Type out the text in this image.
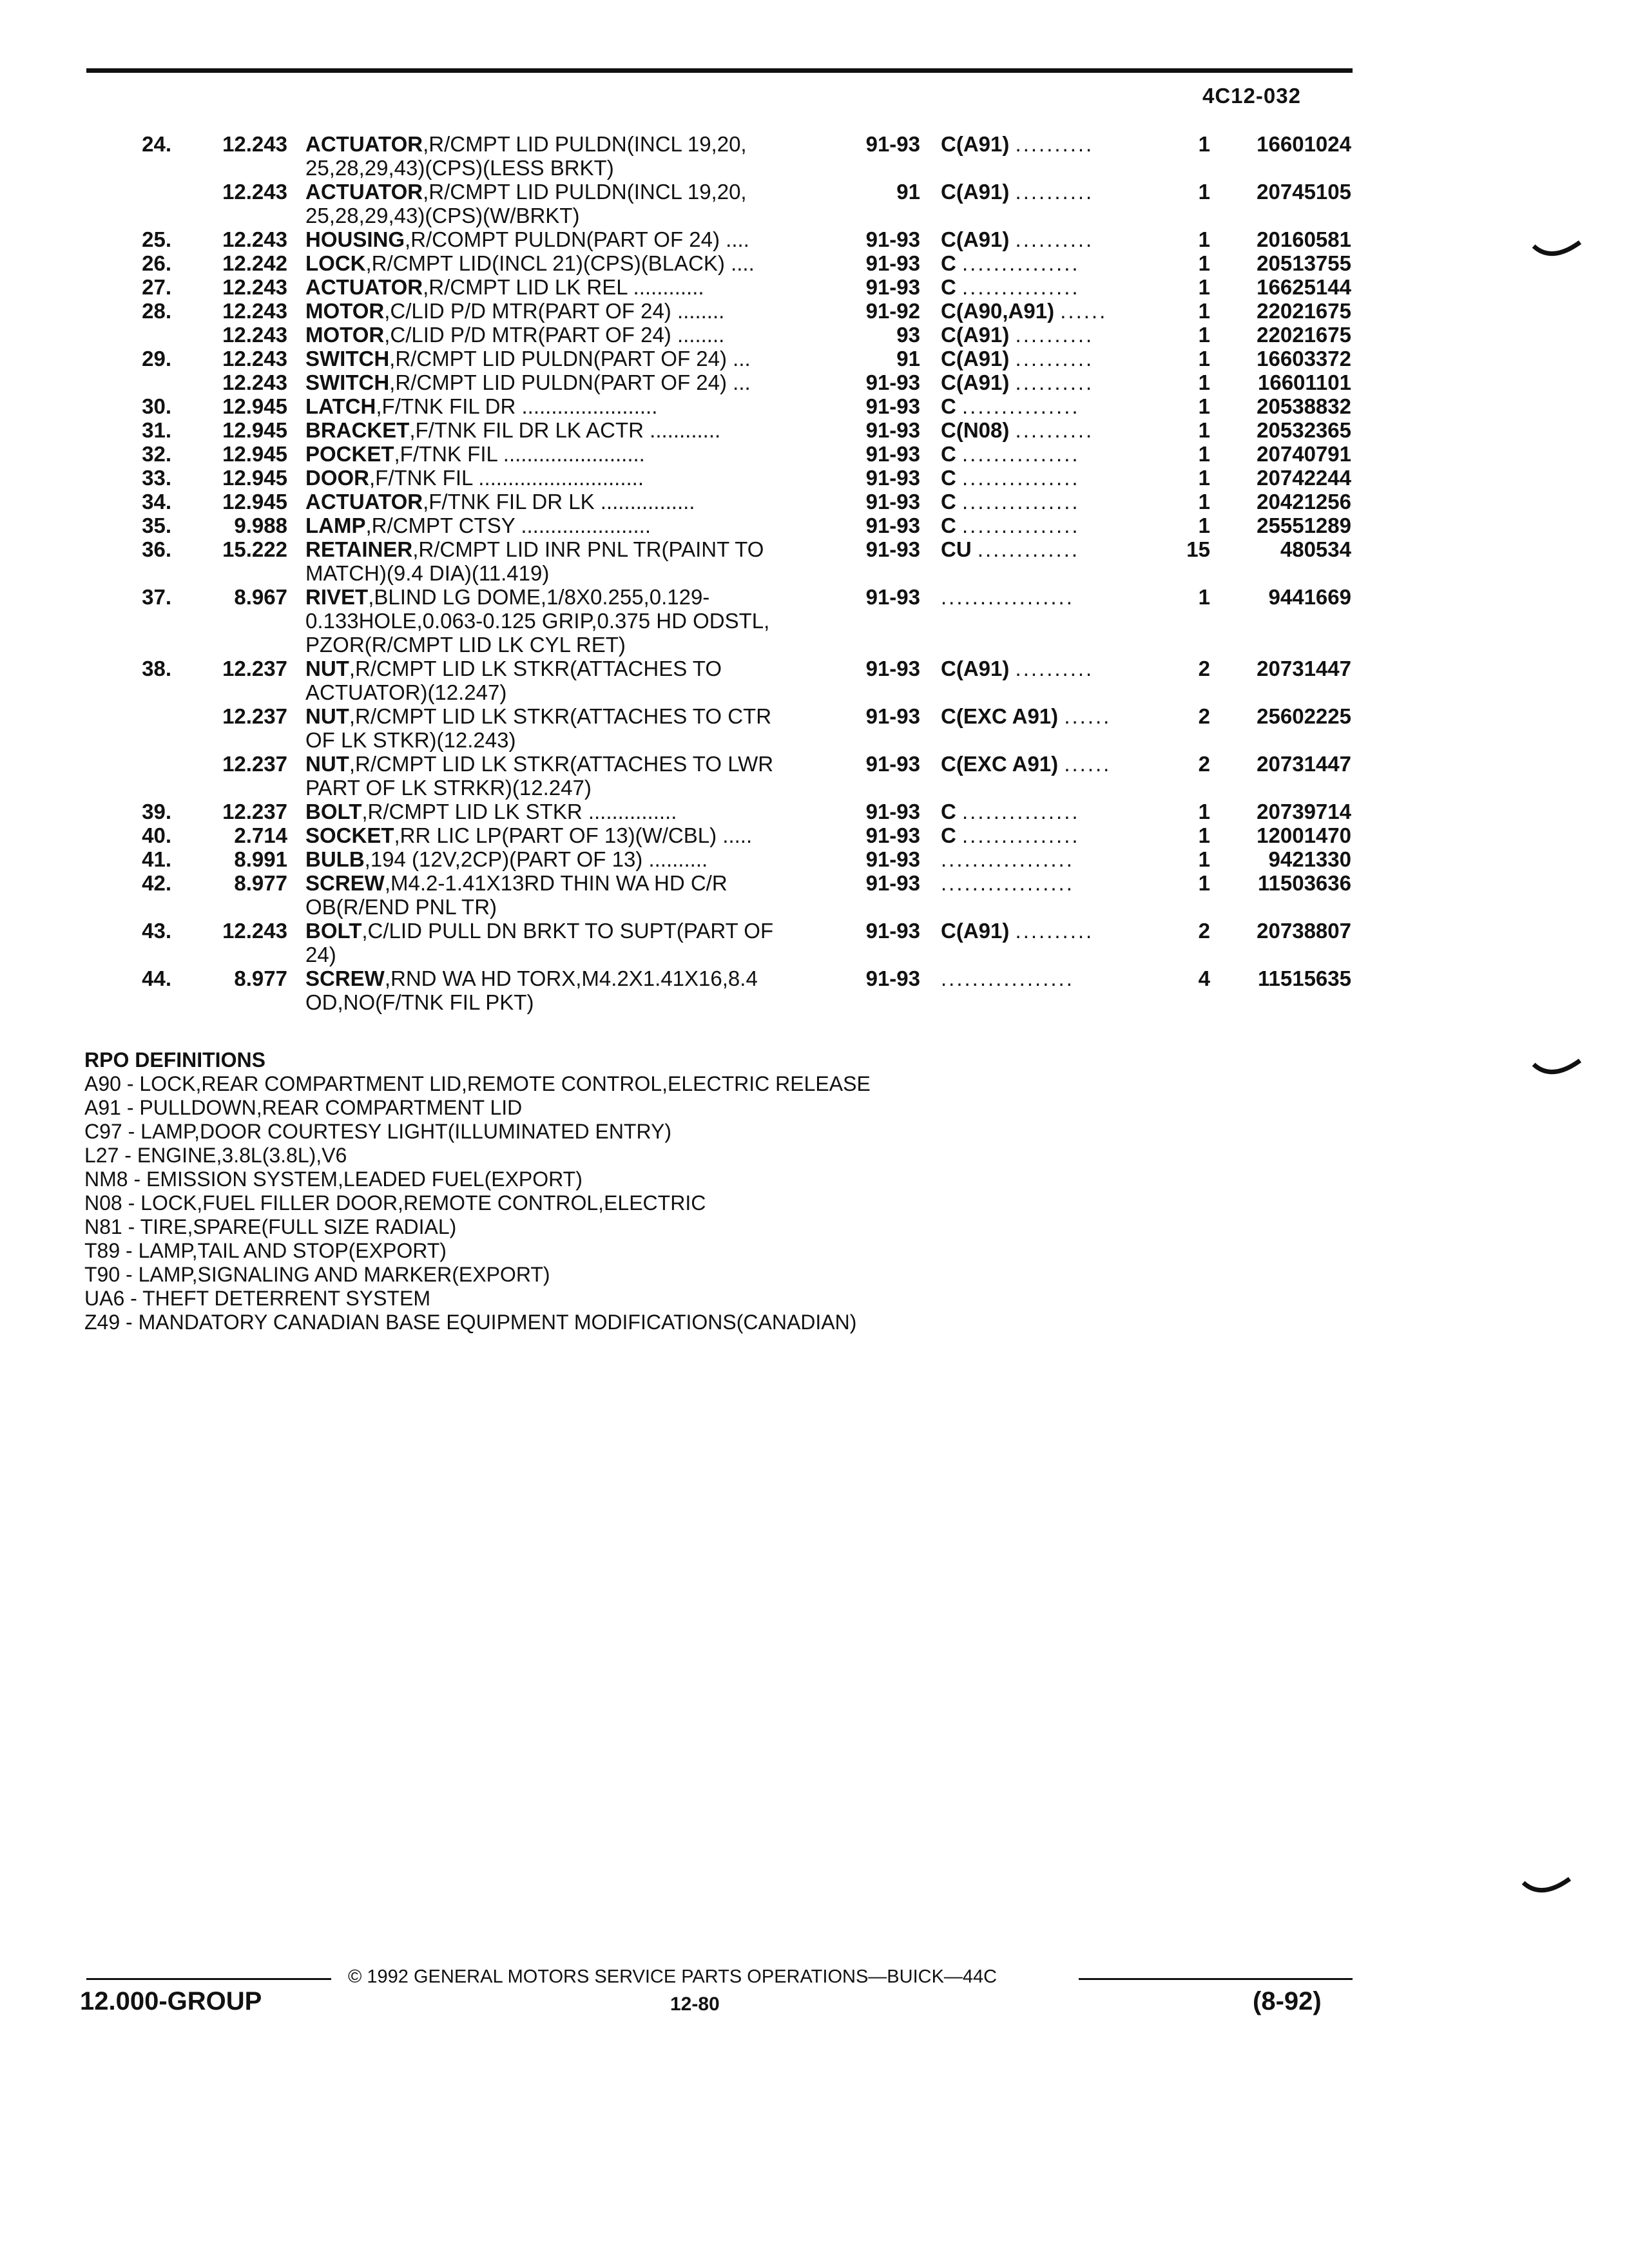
4C12-032
24.	12.243 ACTUATOR,R/CMPT LID PULDN(INCL 19,20,
25,28,29,43)(CPS)(LESS BRKT)
91-93 C(A91) ..........	1	16601024
12.243 ACTUATOR,R/CMPT LID PULDN(INCL 19,20,
25,28,29,43)(CPS)(W/BRKT)
91 C(A91) ..........	1	20745105
25.	12.243 HOUSING,R/COMPT PULDN(PART OF 24) ....	91-93 C(A91) ..........	1	20160581
26.	12.242 LOCK,R/CMPT LID(INCL 21)(CPS)(BLACK) ....	91-93 C ...............	1	20513755
27.	12.243 ACTUATOR,R/CMPT LID LK REL ............	91-93 C ...............	1	16625144
28.	12.243 MOTOR,C/LID P/D MTR(PART OF 24) ........	91-92 C(A90,A91) ......	1	22021675
12.243 MOTOR,C/LID P/D MTR(PART OF 24) ........	93 C(A91) ..........	1	22021675
29.	12.243 SWITCH,R/CMPT LID PULDN(PART OF 24) ...	91 C(A91) ..........	1	16603372
12.243 SWITCH,R/CMPT LID PULDN(PART OF 24) ...	91-93 C(A91) ..........	1	16601101
30.	12.945 LATCH,F/TNK FIL DR .......................	91-93 C ...............	1	20538832
31.	12.945 BRACKET,F/TNK FIL DR LK ACTR ............	91-93 C(N08) ..........	1	20532365
32.	12.945 POCKET,F/TNK FIL ........................	91-93 C ...............	1	20740791
33.	12.945 DOOR,F/TNK FIL ............................	91-93 C ...............	1	20742244
34.	12.945 ACTUATOR,F/TNK FIL DR LK ................	91-93 C ...............	1	20421256
35.	9.988 LAMP,R/CMPT CTSY ......................	91-93 C ...............	1	25551289
36.	15.222 RETAINER,R/CMPT LID INR PNL TR(PAINT TO
MATCH)(9.4 DIA)(11.419)
91-93 CU .............	15	480534
37.	8.967 RIVET,BLIND LG DOME,1/8X0.255,0.129-
0.133HOLE,0.063-0.125 GRIP,0.375 HD ODSTL,
PZOR(R/CMPT LID LK CYL RET)
91-93 .................	1	9441669
38.	12.237 NUT,R/CMPT LID LK STKR(ATTACHES TO
ACTUATOR)(12.247)
91-93 C(A91) ..........	2	20731447
12.237 NUT,R/CMPT LID LK STKR(ATTACHES TO CTR
OF LK STKR)(12.243)
91-93 C(EXC A91) ......	2	25602225
12.237 NUT,R/CMPT LID LK STKR(ATTACHES TO LWR
PART OF LK STRKR)(12.247)
91-93 C(EXC A91) ......	2	20731447
39.	12.237 BOLT,R/CMPT LID LK STKR ...............	91-93 C ...............	1	20739714
40.	2.714 SOCKET,RR LIC LP(PART OF 13)(W/CBL) .....	91-93 C ...............	1	12001470
41.	8.991 BULB,194 (12V,2CP)(PART OF 13) ..........	91-93 .................	1	9421330
42.	8.977 SCREW,M4.2-1.41X13RD THIN WA HD C/R
OB(R/END PNL TR)
91-93 .................	1	11503636
43.	12.243 BOLT,C/LID PULL DN BRKT TO SUPT(PART OF
24)
91-93 C(A91) ..........	2	20738807
44.	8.977 SCREW,RND WA HD TORX,M4.2X1.41X16,8.4
OD,NO(F/TNK FIL PKT)
91-93 .................	4	11515635
RPO DEFINITIONS
A90 - LOCK,REAR COMPARTMENT LID,REMOTE CONTROL,ELECTRIC RELEASE
A91 - PULLDOWN,REAR COMPARTMENT LID
C97 - LAMP,DOOR COURTESY LIGHT(ILLUMINATED ENTRY)
L27 - ENGINE,3.8L(3.8L),V6
NM8 - EMISSION SYSTEM,LEADED FUEL(EXPORT)
N08 - LOCK,FUEL FILLER DOOR,REMOTE CONTROL,ELECTRIC
N81 - TIRE,SPARE(FULL SIZE RADIAL)
T89 - LAMP,TAIL AND STOP(EXPORT)
T90 - LAMP,SIGNALING AND MARKER(EXPORT)
UA6 - THEFT DETERRENT SYSTEM
Z49 - MANDATORY CANADIAN BASE EQUIPMENT MODIFICATIONS(CANADIAN)
© 1992 GENERAL MOTORS SERVICE PARTS OPERATIONS—BUICK—44C
12.000-GROUP	12-80	(8-92)
